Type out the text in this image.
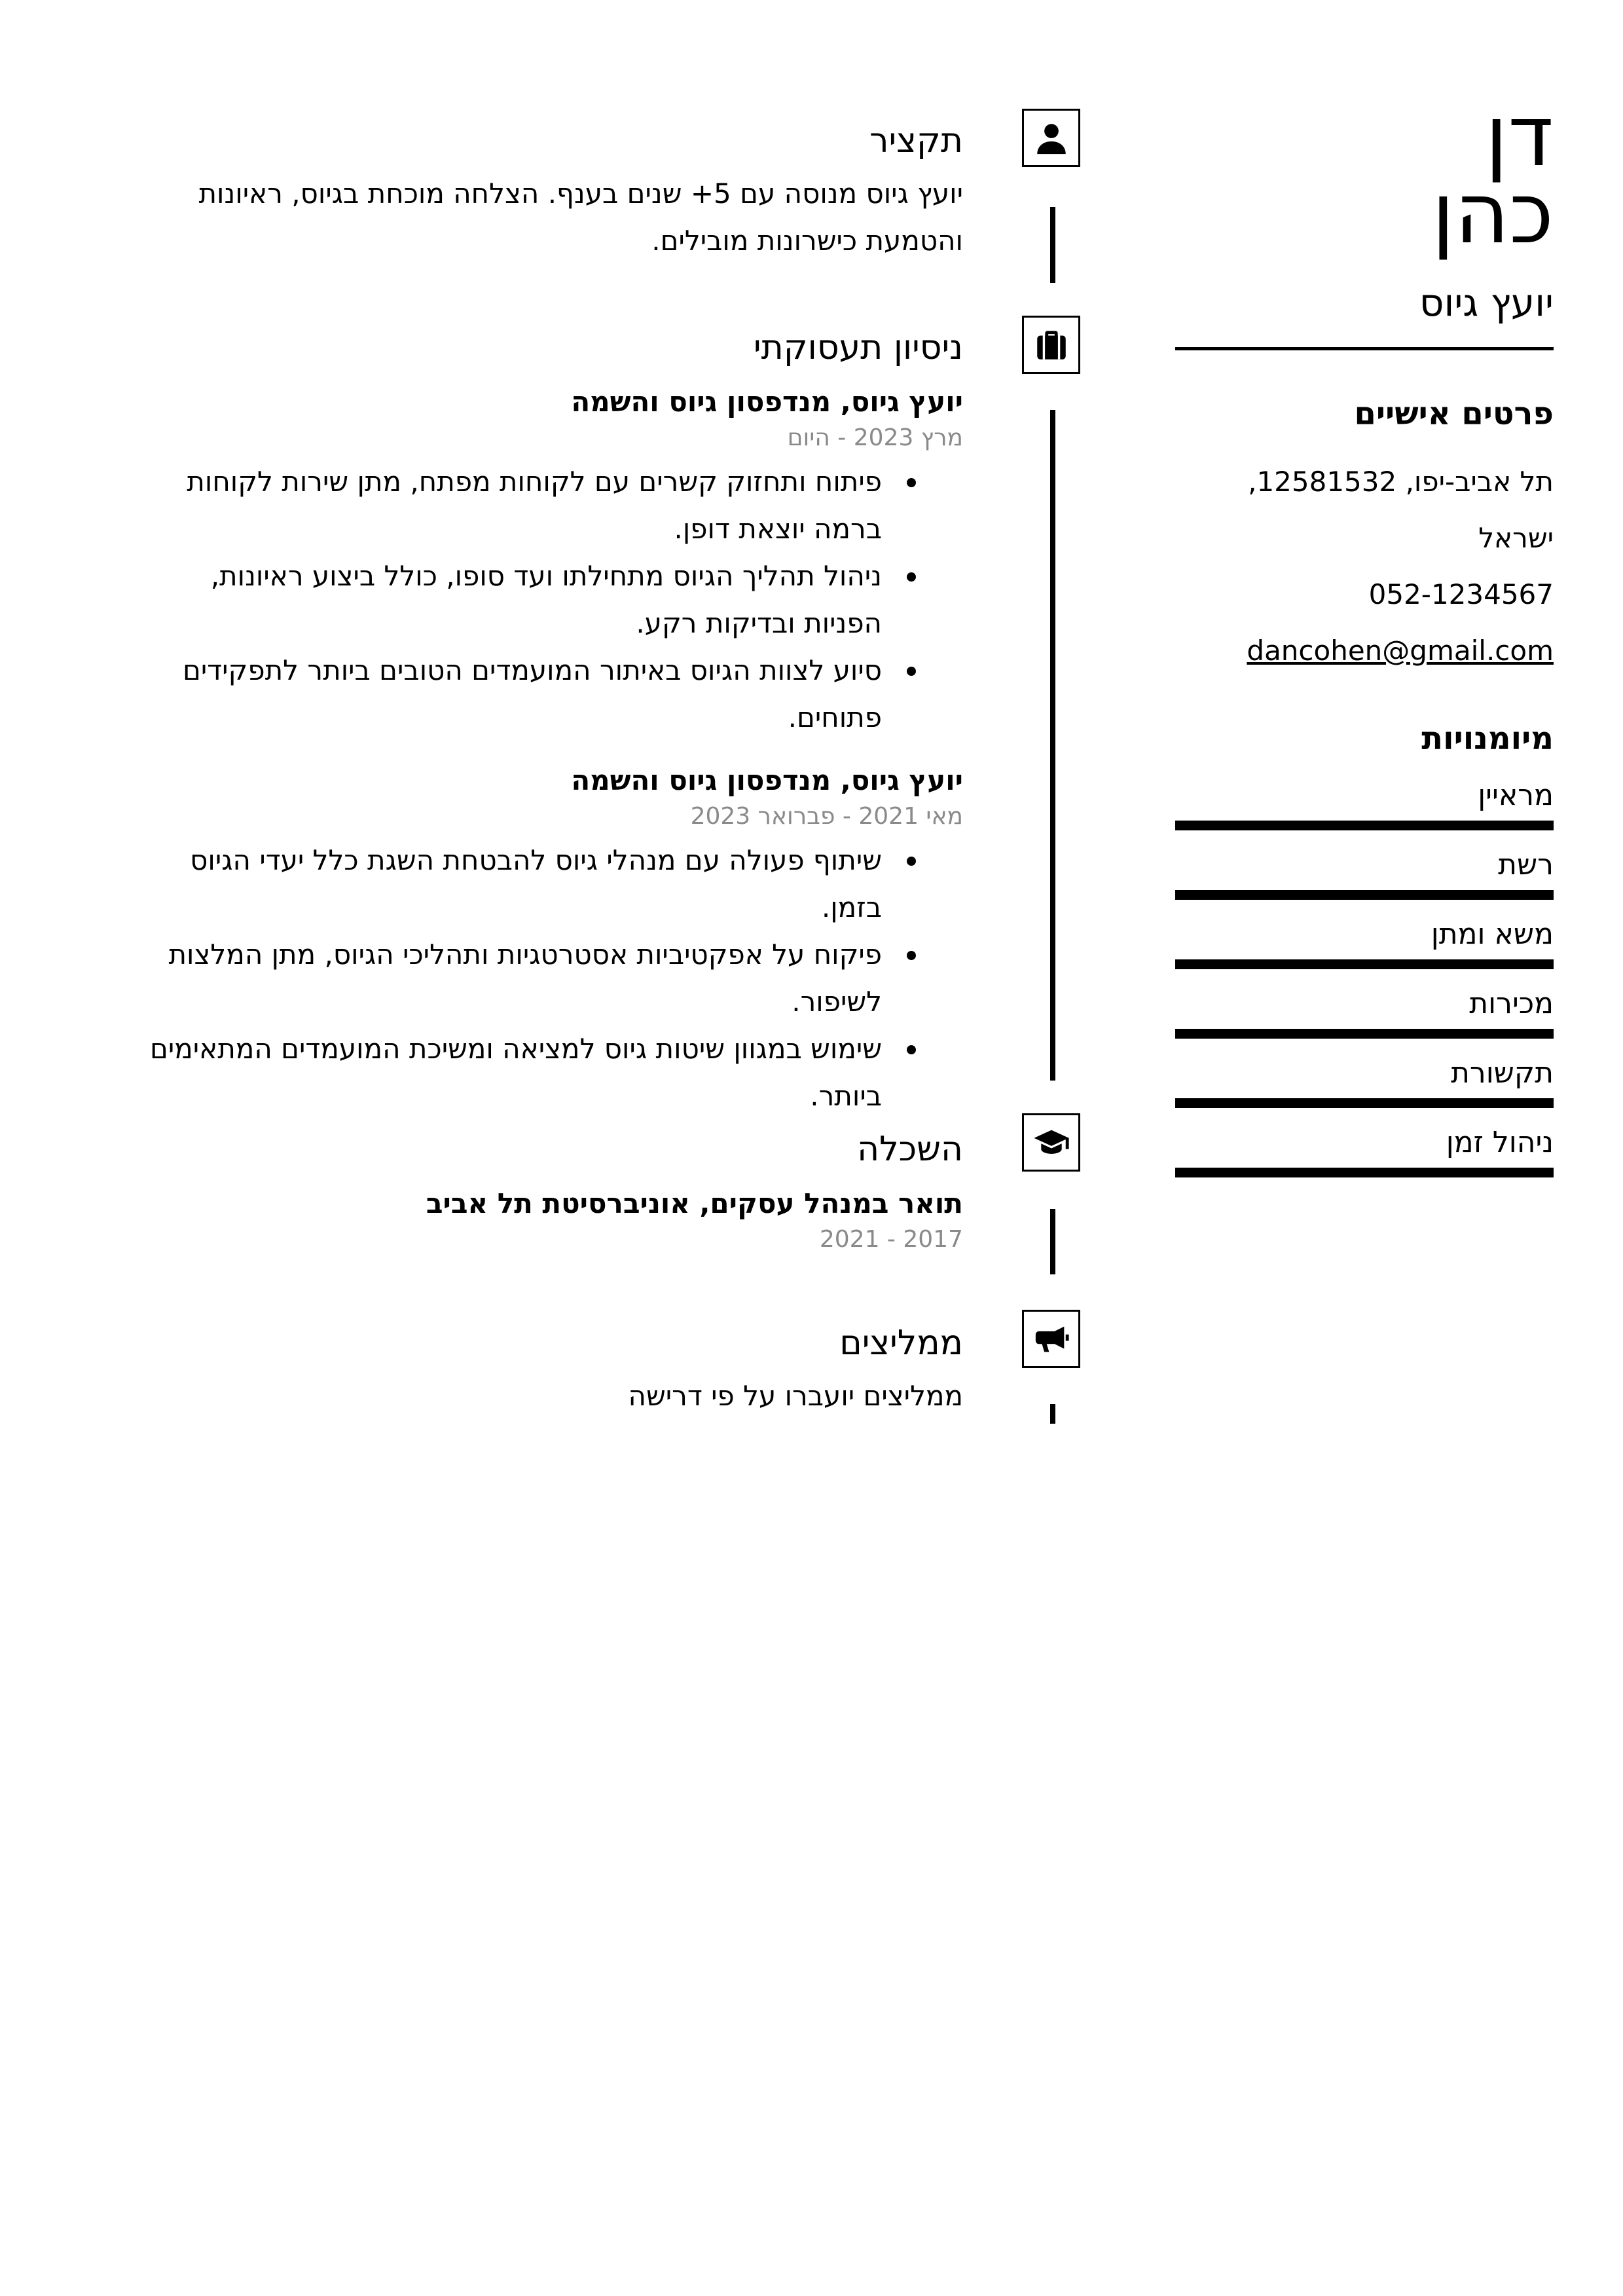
דן
כהן
יועץ גיוס
פרטים אישיים
תל אביב-יפו, 12581532, ישראל
052-1234567
dancohen@gmail.com
מיומנויות
מראיין
רשת
משא ומתן
מכירות
תקשורת
ניהול זמן
תקציר
יועץ גיוס מנוסה עם 5+ שנים בענף. הצלחה מוכחת בגיוס, ראיונות והטמעת כישרונות מובילים.
ניסיון תעסוקתי
יועץ גיוס, מנדפסון גיוס והשמה
מרץ 2023 - היום
פיתוח ותחזוק קשרים עם לקוחות מפתח, מתן שירות לקוחות ברמה יוצאת דופן.
ניהול תהליך הגיוס מתחילתו ועד סופו, כולל ביצוע ראיונות, הפניות ובדיקות רקע.
סיוע לצוות הגיוס באיתור המועמדים הטובים ביותר לתפקידים פתוחים.
יועץ גיוס, מנדפסון גיוס והשמה
מאי 2021 - פברואר 2023
שיתוף פעולה עם מנהלי גיוס להבטחת השגת כלל יעדי הגיוס בזמן.
פיקוח על אפקטיביות אסטרטגיות ותהליכי הגיוס, מתן המלצות לשיפור.
שימוש במגוון שיטות גיוס למציאה ומשיכת המועמדים המתאימים ביותר.
השכלה
תואר במנהל עסקים, אוניברסיטת תל אביב
2017 - 2021
ממליצים
ממליצים יועברו על פי דרישה
